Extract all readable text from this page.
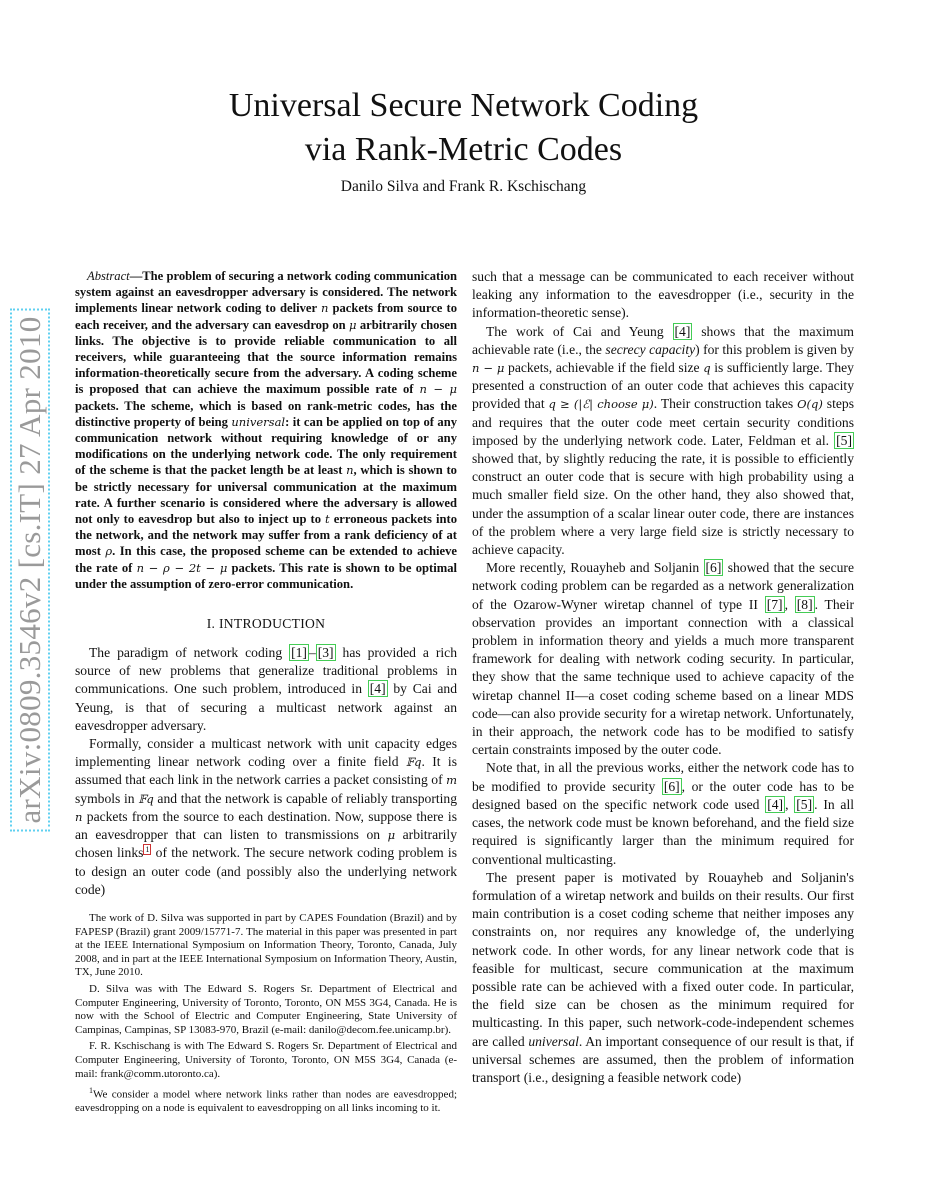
arXiv:0809.3546v2 [cs.IT] 27 Apr 2010
Universal Secure Network Coding
via Rank-Metric Codes

Danilo Silva and Frank R. Kschischang

Abstract—The problem of securing a network coding communication system against an eavesdropper adversary is considered. The network implements linear network coding to deliver n packets from source to each receiver, and the adversary can eavesdrop on μ arbitrarily chosen links. The objective is to provide reliable communication to all receivers, while guaranteeing that the source information remains information-theoretically secure from the adversary. A coding scheme is proposed that can achieve the maximum possible rate of n − μ packets. The scheme, which is based on rank-metric codes, has the distinctive property of being universal: it can be applied on top of any communication network without requiring knowledge of or any modifications on the underlying network code. The only requirement of the scheme is that the packet length be at least n, which is shown to be strictly necessary for universal communication at the maximum rate. A further scenario is considered where the adversary is allowed not only to eavesdrop but also to inject up to t erroneous packets into the network, and the network may suffer from a rank deficiency of at most ρ. In this case, the proposed scheme can be extended to achieve the rate of n − ρ − 2t − μ packets. This rate is shown to be optimal under the assumption of zero-error communication.

I. INTRODUCTION

The paradigm of network coding [1] – [3] has provided a rich source of new problems that generalize traditional problems in communications. One such problem, introduced in [4] by Cai and Yeung, is that of securing a multicast network against an eavesdropper adversary.

Formally, consider a multicast network with unit capacity edges implementing linear network coding over a finite field 𝔽q. It is assumed that each link in the network carries a packet consisting of m symbols in 𝔽q and that the network is capable of reliably transporting n packets from the source to each destination. Now, suppose there is an eavesdropper that can listen to transmissions on μ arbitrarily chosen links $^1$ of the network. The secure network coding problem is to design an outer code (and possibly also the underlying network code)

The work of D. Silva was supported in part by CAPES Foundation (Brazil) and by FAPESP (Brazil) grant 2009/15771-7. The material in this paper was presented in part at the IEEE International Symposium on Information Theory, Toronto, Canada, July 2008, and in part at the IEEE International Symposium on Information Theory, Austin, TX, June 2010.

D. Silva was with The Edward S. Rogers Sr. Department of Electrical and Computer Engineering, University of Toronto, Toronto, ON M5S 3G4, Canada. He is now with the School of Electric and Computer Engineering, State University of Campinas, Campinas, SP 13083-970, Brazil (e-mail: danilo@decom.fee.unicamp.br).

F. R. Kschischang is with The Edward S. Rogers Sr. Department of Electrical and Computer Engineering, University of Toronto, Toronto, ON M5S 3G4, Canada (e-mail: frank@comm.utoronto.ca).

$^1$We consider a model where network links rather than nodes are eavesdropped; eavesdropping on a node is equivalent to eavesdropping on all links incoming to it.

such that a message can be communicated to each receiver without leaking any information to the eavesdropper (i.e., security in the information-theoretic sense).

The work of Cai and Yeung [4] shows that the maximum achievable rate (i.e., the secrecy capacity) for this problem is given by n − μ packets, achievable if the field size q is sufficiently large. They presented a construction of an outer code that achieves this capacity provided that q ≥ (|ℰ| choose μ). Their construction takes O(q) steps and requires that the outer code meet certain security conditions imposed by the underlying network code. Later, Feldman et al. [5] showed that, by slightly reducing the rate, it is possible to efficiently construct an outer code that is secure with high probability using a much smaller field size. On the other hand, they also showed that, under the assumption of a scalar linear outer code, there are instances of the problem where a very large field size is strictly necessary to achieve capacity.

More recently, Rouayheb and Soljanin [6] showed that the secure network coding problem can be regarded as a network generalization of the Ozarow-Wyner wiretap channel of type II [7] , [8] . Their observation provides an important connection with a classical problem in information theory and yields a much more transparent framework for dealing with network coding security. In particular, they show that the same technique used to achieve capacity of the wiretap channel II—a coset coding scheme based on a linear MDS code—can also provide security for a wiretap network. Unfortunately, in their approach, the network code has to be modified to satisfy certain constraints imposed by the outer code.

Note that, in all the previous works, either the network code has to be modified to provide security [6] , or the outer code has to be designed based on the specific network code used [4] , [5] . In all cases, the network code must be known beforehand, and the field size required is significantly larger than the minimum required for conventional multicasting.

The present paper is motivated by Rouayheb and Soljanin's formulation of a wiretap network and builds on their results. Our first main contribution is a coset coding scheme that neither imposes any constraints on, nor requires any knowledge of, the underlying network code. In other words, for any linear network code that is feasible for multicast, secure communication at the maximum possible rate can be achieved with a fixed outer code. In particular, the field size can be chosen as the minimum required for multicasting. In this paper, such network-code-independent schemes are called universal. An important consequence of our result is that, if universal schemes are assumed, then the problem of information transport (i.e., designing a feasible network code)
